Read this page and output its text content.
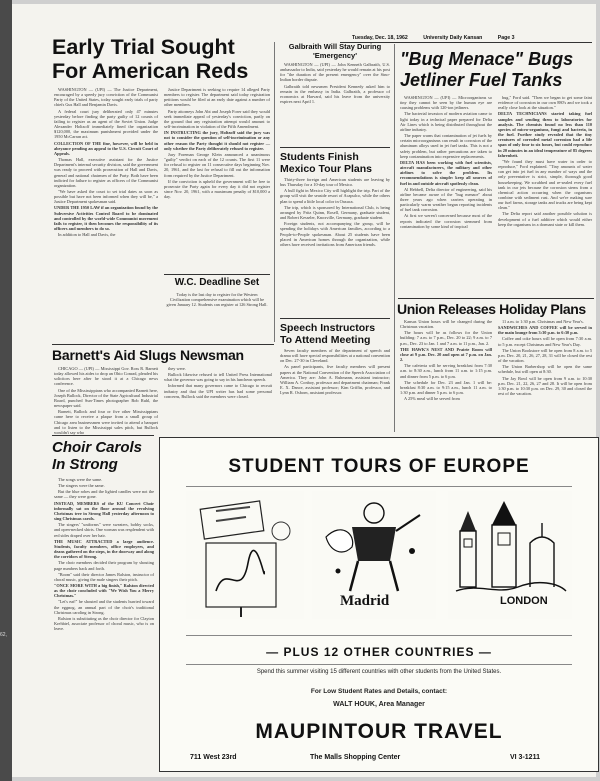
62,
Tuesday, Dec. 18, 1962	University Daily Kansan	Page 3
Early Trial Sought
For American Reds

WASHINGTON — (UPI) — The Justice Department, encouraged by a speedy jury conviction of the Communist Party of the United States, today sought early trials of party chiefs Gus Hall and Benjamin Davis.

A federal court jury deliberated only 47 minutes yesterday before finding the party guilty of 12 counts of failing to register as an agent of the Soviet Union. Judge Alexander Holtzoff immediately fined the organization $120,000, the maximum punishment provided under the 1950 McCarran act.

COLLECTION OF THE fine, however, will be held in abeyance pending an appeal to the U.S. Circuit Court of Appeals.

Thomas Hall, executive assistant for the Justice Department's internal security division, said the government was ready to proceed with prosecution of Hall and Davis, general and national chairmen of the Party. Both have been indicted for failure to register as officers of the Communist organization.

"We have asked the court to set trial dates as soon as possible but have not been informed when they will be," a Justice Department spokesman said.

UNDER THE 1950 LAW if an organization found by the Subversive Activities Control Board to be dominated and controlled by the world-wide Communist movement fails to register, it then becomes the responsibility of its officers and members to do so.

In addition to Hall and Davis, the

Justice Department is seeking to require 14 alleged Party members to register. The department said today registration petitions would be filed at an early date against a number of other members.

Party attorneys John Abt and Joseph Forer said they would seek immediate appeal of yesterday's conviction, partly on the ground that any registration attempt would amount to self-incrimination in violation of the Fifth Amendment.

IN INSTRUCTING the jury, Holtzoff said the jury was not to consider the question of self-incrimination or any other reason the Party thought it should not register — only whether the Party deliberately refused to register.

Jury Foreman George Klein announced a unanimous "guilty" verdict on each of the 12 counts. The first 11 were for refusal to register on 11 consecutive days beginning Nov. 20, 1961, and the last for refusal to fill out the information form required by the Justice Department.

If the conviction is upheld the government will be free to prosecute the Party again for every day it did not register since Nov. 20, 1961, with a maximum penalty of $10,000 a day.

W.C. Deadline Set

Today is the last day to register for the Western Civilization comprehensive examination which will be given January 12. Students can register at 126 Strong Hall.

Galbraith Will Stay During 'Emergency'

WASHINGTON — (UPI) — John Kenneth Galbraith, U.S. ambassador to India, said yesterday he would remain at his post for "the duration of the present emergency" over the Sino-Indian border dispute.

Galbraith told newsmen President Kennedy asked him to remain in the embassy in India. Galbraith, a professor of economics at Harvard, said his leave from the university expires next April 1.

Students Finish Mexico Tour Plans

Thirty-three foreign and American students are leaving by bus Thursday for a 10-day tour of Mexico.

A bull fight in Mexico City will highlight the trip. Part of the group will visit the seaside resort of Acapulco, while the others plan to spend a little local color in Oaxaca.

The trip, which is sponsored by International Club, is being arranged by Fritz Quinn, Rosell, Germany, graduate student, and Robert Kesseler, Knoxville, Germany, graduate student.

Foreign students, not accompanying the group, will be spending the holidays with American families, according to a People-to-People spokesman. About 25 students have been placed in American homes through the organization, while others have received invitations from American friends.

Speech Instructors To Attend Meeting

Seven faculty members of the department of speech and drama will have special responsibilities at a national convention on Dec. 27-30 in Cleveland.

As panel participants, five faculty members will present papers at the National Convention of the Speech Association of America. They are: John A. Ruhmann, assistant instructor; William A. Conboy, professor and department chairman; Frank E. X. Dance, assistant professor; Kim Griffin, professor, and Lynn R. Osborn, assistant professor.

"Bug Menace" Bugs
Jetliner Fuel Tanks

WASHINGTON — (UPI) — Microorganisms so tiny they cannot be seen by the human eye are causing problems with 120-ton jetliners.

The bacterial invasion of modern aviation came to light today in a technical paper prepared for Delta Air Lines which is being distributed throughout the airline industry.

The paper warns that contamination of jet fuels by certain microorganisms can result in corrosion of the aluminum alloys used in jet fuel tanks. This is not a safety problem, but rather precautions are taken to keep contamination into expensive replacements.

DELTA HAS been working with fuel scientists, aircraft manufacturers, the military and other airlines to solve the problem. Its recommendations is simple: keep all sources of fuel in and outside aircraft spotlessly clean.

Al Hebbell, Delta director of engineering, said his airline became aware of the "bug menace" about three years ago when carriers operating in particularly warm weather began reporting incidents of fuel tank corrosion.

At first we weren't concerned because most of the reports indicated the corrosion stemmed from contamination by some kind of tropical

bug," Ford said. "Then we began to get some faint evidence of corrosion in our own 880's and we took a really close look at the situation."

DELTA TECHNICIANS started taking fuel samples and sending them to laboratories for analysis. The chemists found no less than 110 species of micro-organisms, fungi and bacteria, in the fuel. Further study revealed that the tiny creatures of corroded metal corrosion had a life span of only four to six hours, but could reproduce in 20 minutes in an ideal temperature of 85 degrees fahrenheit.

"We found they must have water in order to reproduce," Ford explained. "Tiny amounts of water can get into jet fuel in any number of ways and the only preventative is strict, simple, thorough good housekeeping. We scrubbed and re-sealed every fuel tank in our jets because the corrosion stems from a chemical action occurring when the organisms combine with sediment rust. And we're making sure our fuel farms, storage tanks and trucks are being kept clean."

The Delta report said another possible solution is development of a fuel additive which would either keep the organisms in a dormant state or kill them.

Union Releases Holiday Plans

Kansas Union hours will be changed during the Christmas vacation.

The hours will be as follows for the Union building: 7 a.m. to 7 p.m., Dec. 20 to 22; 9 a.m. to 7 p.m., Dec. 23 to Jan. 1 and 7 a.m. to 11 p.m., Jan. 2.

THE HAWK'S NEST AND Prairie Room will close at 9 p.m. Dec. 20 and open at 7 p.m. on Jan. 2.

The cafeteria will be serving breakfast from 7:30 a.m. to 8:30 a.m., lunch from 11 a.m. to 1:15 p.m. and dinner from 5 p.m. to 6 p.m.

The schedule for Dec. 23 and Jan. 1 will be: breakfast 8:30 a.m. to 9:15 a.m., lunch 11 a.m. to 1:30 p.m. and dinner 5 p.m. to 6 p.m.

A 25% meal will be served from

11 a.m. to 1:30 p.m. Christmas and New Year's.

SANDWICHES AND COFFEE will be served in the main lounge from 3:30 p.m. to 6:30 p.m.

Coffee and coke hours will be open from 7:30 a.m. to 5 p.m. except Christmas and New Year's Day.

The Union Bookstore will be open from 8 a.m. to 5 p.m. Dec. 20, 21, 26, 27, 28, 31 will be closed the rest of the vacation.

The Union Barbershop will be open the same schedule, but will open at 8:30.

The Jay Bowl will be open from 9 a.m. to 10:30 p.m. Dec. 21, 22, 26, 27 and 28. It will be open from 1:30 p.m. to 10:30 p.m. on Dec. 29, 30 and closed the rest of the vacation.

Barnett's Aid Slugs Newsman

CHICAGO — (UPI) — Mississippi Gov. Ross R. Barnett today allowed his aides to drop an Ohio Conrad, pleaded his solicitors here after he stood it at a Chicago news conference.

One of the Mississippians who accompanied Barnett here, Joseph Bullock, Director of the State Agricultural Industrial Board, punched Sun-Times photographer Bob Ruhl, the newspaper said.

Barnett, Bullock and four or five other Mississippians came here to receive a plaque from a small group of Chicago area businessmen were invited to attend a banquet and to listen to the Mississippi sales pitch, but Bullock wouldn't say who

they were.

Bullock likewise refused to tell United Press International what the governor was going to say in his luncheon speech.

Informed that many governors came to Chicago to recruit industry and that the UPI writer has had some personal concerns, Bullock said the members were closed.

Choir Carols
In Strong

The songs were the same.

The singers were the same.

But the blue robes and the lighted candles were not the same — they were gone.

INSTEAD, MEMBERS of the KU Concert Choir informally sat on the floor around the revolving Christmas tree in Strong Hall yesterday afternoon to sing Christmas carols.

The singers' "uniforms" were sweaters, bobby socks, and open-necked shirts. One woman was resplendent with red sides draped over her hair.

THE MUSIC ATTRACTED a large audience. Students, faculty members, office employees, and deans gathered on the steps, in the doorway and along the corridors of Strong.

The choir members decided their program by shouting page numbers back and forth.

"Boom" said their director James Ralston, instructor of choral music, giving the male singers their pitch.

"ONCE MORE WITH a big finish," Ralston directed as the choir concluded with "We Wish You a Merry Christmas."

"Let's eat!" he shouted and the students hurried toward the eggnog, an annual part of the choir's traditional Christmas caroling in Strong.

Ralston is substituting as the choir director for Clayton Krehbiel, associate professor of choral music, who is on leave.

STUDENT TOURS OF EUROPE
Madrid	LONDON
— PLUS 12 OTHER COUNTRIES —
Spend this summer visiting 15 different countries with other students from the United States.
For Low Student Rates and Details, contact:
WALT HOUK, Area Manager
MAUPINTOUR TRAVEL
711 West 23rd	The Malls Shopping Center	VI 3-1211
